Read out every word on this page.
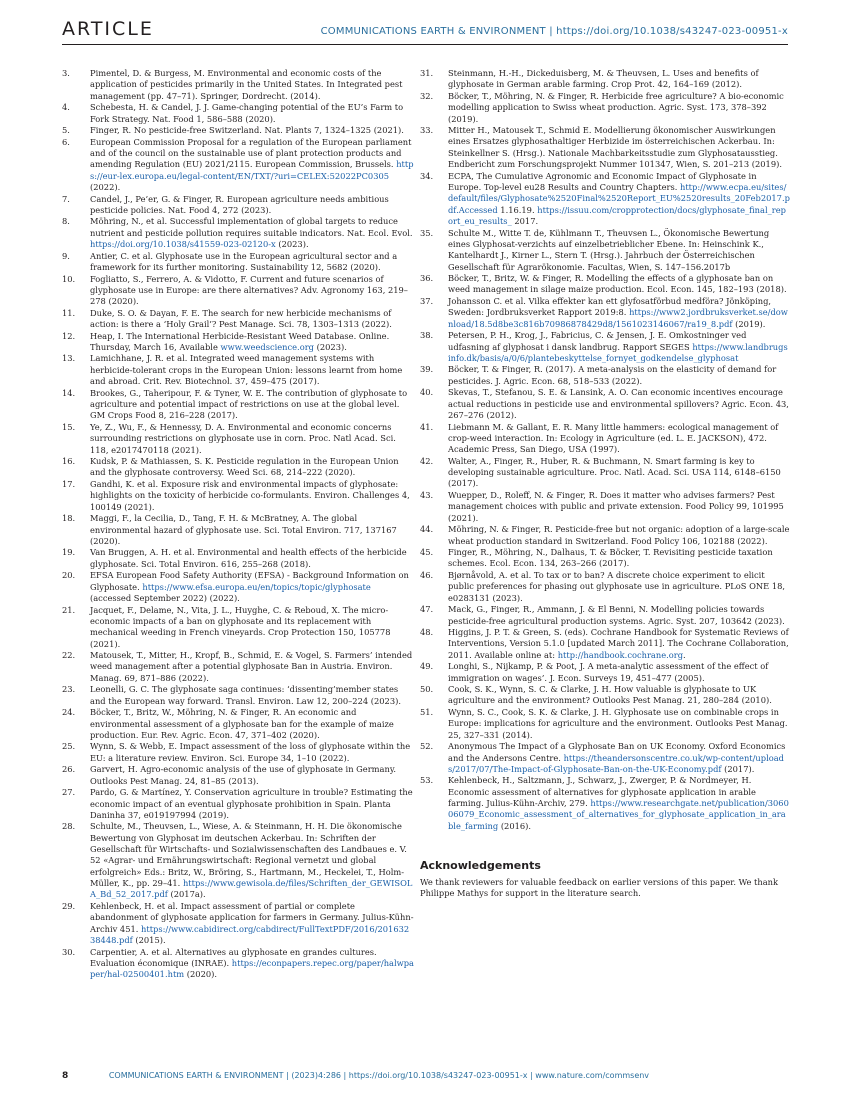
ARTICLE	COMMUNICATIONS EARTH & ENVIRONMENT | https://doi.org/10.1038/s43247-023-00951-x
3.	Pimentel, D. & Burgess, M. Environmental and economic costs of the application of pesticides primarily in the United States. In Integrated pest management (pp. 47–71). Springer, Dordrecht. (2014).
4.	Schebesta, H. & Candel, J. J. Game-changing potential of the EU’s Farm to Fork Strategy. Nat. Food 1, 586–588 (2020).
5.	Finger, R. No pesticide-free Switzerland. Nat. Plants 7, 1324–1325 (2021).
6.	European Commission Proposal for a regulation of the European parliament and of the council on the sustainable use of plant protection products and amending Regulation (EU) 2021/2115. European Commission, Brussels. https://eur-lex.europa.eu/legal-content/EN/TXT/?uri=CELEX:52022PC0305 (2022).
7.	Candel, J., Pe’er, G. & Finger, R. European agriculture needs ambitious pesticide policies. Nat. Food 4, 272 (2023).
8.	Möhring, N., et al. Successful implementation of global targets to reduce nutrient and pesticide pollution requires suitable indicators. Nat. Ecol. Evol. https://doi.org/10.1038/s41559-023-02120-x (2023).
9.	Antier, C. et al. Glyphosate use in the European agricultural sector and a framework for its further monitoring. Sustainability 12, 5682 (2020).
10.	Fogliatto, S., Ferrero, A. & Vidotto, F. Current and future scenarios of glyphosate use in Europe: are there alternatives? Adv. Agronomy 163, 219–278 (2020).
11.	Duke, S. O. & Dayan, F. E. The search for new herbicide mechanisms of action: is there a ‘Holy Grail’? Pest Manage. Sci. 78, 1303–1313 (2022).
12.	Heap, I. The International Herbicide-Resistant Weed Database. Online. Thursday, March 16, Available www.weedscience.org (2023).
13.	Lamichhane, J. R. et al. Integrated weed management systems with herbicide-tolerant crops in the European Union: lessons learnt from home and abroad. Crit. Rev. Biotechnol. 37, 459–475 (2017).
14.	Brookes, G., Taheripour, F. & Tyner, W. E. The contribution of glyphosate to agriculture and potential impact of restrictions on use at the global level. GM Crops Food 8, 216–228 (2017).
15.	Ye, Z., Wu, F., & Hennessy, D. A. Environmental and economic concerns surrounding restrictions on glyphosate use in corn. Proc. Natl Acad. Sci. 118, e2017470118 (2021).
16.	Kudsk, P. & Mathiassen, S. K. Pesticide regulation in the European Union and the glyphosate controversy. Weed Sci. 68, 214–222 (2020).
17.	Gandhi, K. et al. Exposure risk and environmental impacts of glyphosate: highlights on the toxicity of herbicide co-formulants. Environ. Challenges 4, 100149 (2021).
18.	Maggi, F., la Cecilia, D., Tang, F. H. & McBratney, A. The global environmental hazard of glyphosate use. Sci. Total Environ. 717, 137167 (2020).
19.	Van Bruggen, A. H. et al. Environmental and health effects of the herbicide glyphosate. Sci. Total Environ. 616, 255–268 (2018).
20.	EFSA European Food Safety Authority (EFSA) - Background Information on Glyphosate. https://www.efsa.europa.eu/en/topics/topic/glyphosate (accessed September 2022) (2022).
21.	Jacquet, F., Delame, N., Vita, J. L., Huyghe, C. & Reboud, X. The micro-economic impacts of a ban on glyphosate and its replacement with mechanical weeding in French vineyards. Crop Protection 150, 105778 (2021).
22.	Matousek, T., Mitter, H., Kropf, B., Schmid, E. & Vogel, S. Farmers’ intended weed management after a potential glyphosate Ban in Austria. Environ. Manag. 69, 871–886 (2022).
23.	Leonelli, G. C. The glyphosate saga continues: ‘dissenting’member states and the European way forward. Transl. Environ. Law 12, 200–224 (2023).
24.	Böcker, T., Britz, W., Möhring, N. & Finger, R. An economic and environmental assessment of a glyphosate ban for the example of maize production. Eur. Rev. Agric. Econ. 47, 371–402 (2020).
25.	Wynn, S. & Webb, E. Impact assessment of the loss of glyphosate within the EU: a literature review. Environ. Sci. Europe 34, 1–10 (2022).
26.	Garvert, H. Agro-economic analysis of the use of glyphosate in Germany. Outlooks Pest Manag. 24, 81–85 (2013).
27.	Pardo, G. & Martínez, Y. Conservation agriculture in trouble? Estimating the economic impact of an eventual glyphosate prohibition in Spain. Planta Daninha 37, e019197994 (2019).
28.	Schulte, M., Theuvsen, L., Wiese, A. & Steinmann, H. H. Die ökonomische Bewertung von Glyphosat im deutschen Ackerbau. In: Schriften der Gesellschaft für Wirtschafts- und Sozialwissenschaften des Landbaues e. V. 52 «Agrar- und Ernährungswirtschaft: Regional vernetzt und global erfolgreich» Eds.: Britz, W., Bröring, S., Hartmann, M., Heckelei, T., Holm-Müller, K., pp. 29–41. https://www.gewisola.de/files/Schriften_der_GEWISOLA_Bd_52_2017.pdf (2017a).
29.	Kehlenbeck, H. et al. Impact assessment of partial or complete abandonment of glyphosate application for farmers in Germany. Julius-Kühn-Archiv 451. https://www.cabidirect.org/cabdirect/FullTextPDF/2016/20163238448.pdf (2015).
30.	Carpentier, A. et al. Alternatives au glyphosate en grandes cultures. Evaluation économique (INRAE). https://econpapers.repec.org/paper/halwpaper/hal-02500401.htm (2020).
31.	Steinmann, H.-H., Dickeduisberg, M. & Theuvsen, L. Uses and benefits of glyphosate in German arable farming. Crop Prot. 42, 164–169 (2012).
32.	Böcker, T., Möhring, N. & Finger, R. Herbicide free agriculture? A bio-economic modelling application to Swiss wheat production. Agric. Syst. 173, 378–392 (2019).
33.	Mitter H., Matousek T., Schmid E. Modellierung ökonomischer Auswirkungen eines Ersatzes glyphosathaltiger Herbizide im österreichischen Ackerbau. In: Steinkellner S. (Hrsg.). Nationale Machbarkeitsstudie zum Glyphosatausstieg. Endbericht zum Forschungsprojekt Nummer 101347, Wien, S. 201–213 (2019).
34.	ECPA, The Cumulative Agronomic and Economic Impact of Glyphosate in Europe. Top-level eu28 Results and Country Chapters. http://www.ecpa.eu/sites/default/files/Glyphosate%2520Final%2520Report_EU%2520results_20Feb2017.pdf.Accessed 1.16.19. https://issuu.com/cropprotection/docs/glyphosate_final_report_eu_results_ 2017.
35.	Schulte M., Witte T. de, Kühlmann T., Theuvsen L., Ökonomische Bewertung eines Glyphosat-verzichts auf einzelbetrieblicher Ebene. In: Heinschink K., Kantelhardt J., Kirner L., Stern T. (Hrsg.). Jahrbuch der Österreichischen Gesellschaft für Agrarökonomie. Facultas, Wien, S. 147–156.2017b
36.	Böcker, T., Britz, W. & Finger, R. Modelling the effects of a glyphosate ban on weed management in silage maize production. Ecol. Econ. 145, 182–193 (2018).
37.	Johansson C. et al. Vilka effekter kan ett glyfosatförbud medföra? Jönköping, Sweden: Jordbruksverket Rapport 2019:8. https://www2.jordbruksverket.se/download/18.5d8be3c816b70986878429d8/1561023146067/ra19_8.pdf (2019).
38.	Petersen, P. H., Krog, J., Fabricius, C. & Jensen, J. E. Omkostninger ved udfasning af glyphosat i dansk landbrug. Rapport SEGES https://www.landbrugsinfo.dk/basis/a/0/6/plantebeskyttelse_fornyet_godkendelse_glyphosat
39.	Böcker, T. & Finger, R. (2017). A meta-analysis on the elasticity of demand for pesticides. J. Agric. Econ. 68, 518–533 (2022).
40.	Skevas, T., Stefanou, S. E. & Lansink, A. O. Can economic incentives encourage actual reductions in pesticide use and environmental spillovers? Agric. Econ. 43, 267–276 (2012).
41.	Liebmann M. & Gallant, E. R. Many little hammers: ecological management of crop-weed interaction. In: Ecology in Agriculture (ed. L. E. JACKSON), 472. Academic Press, San Diego, USA (1997).
42.	Walter, A., Finger, R., Huber, R. & Buchmann, N. Smart farming is key to developing sustainable agriculture. Proc. Natl. Acad. Sci. USA 114, 6148–6150 (2017).
43.	Wuepper, D., Roleff, N. & Finger, R. Does it matter who advises farmers? Pest management choices with public and private extension. Food Policy 99, 101995 (2021).
44.	Möhring, N. & Finger, R. Pesticide-free but not organic: adoption of a large-scale wheat production standard in Switzerland. Food Policy 106, 102188 (2022).
45.	Finger, R., Möhring, N., Dalhaus, T. & Böcker, T. Revisiting pesticide taxation schemes. Ecol. Econ. 134, 263–266 (2017).
46.	Bjørnåvold, A. et al. To tax or to ban? A discrete choice experiment to elicit public preferences for phasing out glyphosate use in agriculture. PLoS ONE 18, e0283131 (2023).
47.	Mack, G., Finger, R., Ammann, J. & El Benni, N. Modelling policies towards pesticide-free agricultural production systems. Agric. Syst. 207, 103642 (2023).
48.	Higgins, J. P. T. & Green, S. (eds). Cochrane Handbook for Systematic Reviews of Interventions, Version 5.1.0 [updated March 2011]. The Cochrane Collaboration, 2011. Available online at: http://handbook.cochrane.org.
49.	Longhi, S., Nijkamp, P. & Poot, J. A meta-analytic assessment of the effect of immigration on wages’. J. Econ. Surveys 19, 451–477 (2005).
50.	Cook, S. K., Wynn, S. C. & Clarke, J. H. How valuable is glyphosate to UK agriculture and the environment? Outlooks Pest Manag. 21, 280–284 (2010).
51.	Wynn, S. C., Cook, S. K. & Clarke, J. H. Glyphosate use on combinable crops in Europe: implications for agriculture and the environment. Outlooks Pest Manag. 25, 327–331 (2014).
52.	Anonymous The Impact of a Glyphosate Ban on UK Economy. Oxford Economics and the Andersons Centre. https://theandersonscentre.co.uk/wp-content/uploads/2017/07/The-Impact-of-Glyphosate-Ban-on-the-UK-Economy.pdf (2017).
53.	Kehlenbeck, H., Saltzmann, J., Schwarz, J., Zwerger, P. & Nordmeyer, H. Economic assessment of alternatives for glyphosate application in arable farming. Julius-Kühn-Archiv, 279. https://www.researchgate.net/publication/306006079_Economic_assessment_of_alternatives_for_glyphosate_application_in_arable_farming (2016).
Acknowledgements
We thank reviewers for valuable feedback on earlier versions of this paper. We thank Philippe Mathys for support in the literature search.
8	COMMUNICATIONS EARTH & ENVIRONMENT | (2023)4:286 | https://doi.org/10.1038/s43247-023-00951-x | www.nature.com/commsenv
